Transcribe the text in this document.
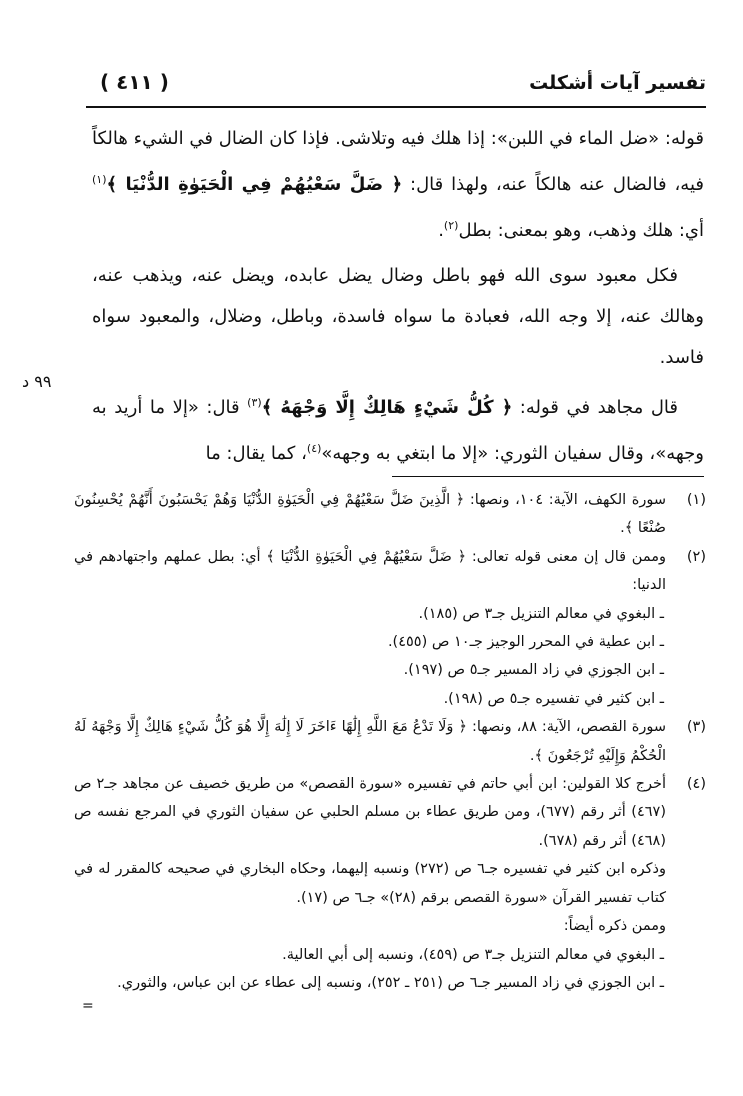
تفسير آيات أشكلت
( ٤١١ )

قوله: «ضل الماء في اللبن»: إذا هلك فيه وتلاشى. فإذا كان الضال في الشيء هالكاً فيه، فالضال عنه هالكاً عنه، ولهذا قال: ﴿ ضَلَّ سَعْيُهُمْ فِي الْحَيَوٰةِ الدُّنْيَا ﴾$^{(١)}$ أي: هلك وذهب، وهو بمعنى: بطل$^{(٢)}$.

فكل معبود سوى الله فهو باطل وضال يضل عابده، ويضل عنه، ويذهب عنه، وهالك عنه، إلا وجه الله، فعبادة ما سواه فاسدة، وباطل، وضلال، والمعبود سواه فاسد.

قال مجاهد في قوله: ﴿ كُلُّ شَيْءٍ هَالِكٌ إِلَّا وَجْهَهُ ﴾$^{(٣)}$ قال: «إلا ما أريد به وجهه»، وقال سفيان الثوري: «إلا ما ابتغي به وجهه»$^{(٤)}$، كما يقال: ما

٩٩ د
(١)

سورة الكهف، الآية: ١٠٤، ونصها: ﴿ الَّذِينَ ضَلَّ سَعْيُهُمْ فِي الْحَيَوٰةِ الدُّنْيَا وَهُمْ يَحْسَبُونَ أَنَّهُمْ يُحْسِنُونَ صُنْعًا ﴾.

(٢)

وممن قال إن معنى قوله تعالى: ﴿ ضَلَّ سَعْيُهُمْ فِي الْحَيَوٰةِ الدُّنْيَا ﴾ أي: بطل عملهم واجتهادهم في الدنيا:

ـ البغوي في معالم التنزيل جـ٣ ص (١٨٥).

ـ ابن عطية في المحرر الوجيز جـ١٠ ص (٤٥٥).

ـ ابن الجوزي في زاد المسير جـ٥ ص (١٩٧).

ـ ابن كثير في تفسيره جـ٥ ص (١٩٨).

(٣)

سورة القصص، الآية: ٨٨، ونصها: ﴿ وَلَا تَدْعُ مَعَ اللَّهِ إِلَٰهًا ءَاخَرَ لَا إِلَٰهَ إِلَّا هُوَ كُلُّ شَيْءٍ هَالِكٌ إِلَّا وَجْهَهُ لَهُ الْحُكْمُ وَإِلَيْهِ تُرْجَعُونَ ﴾.

(٤)

أخرج كلا القولين: ابن أبي حاتم في تفسيره «سورة القصص» من طريق خصيف عن مجاهد جـ٢ ص (٤٦٧) أثر رقم (٦٧٧)، ومن طريق عطاء بن مسلم الحلبي عن سفيان الثوري في المرجع نفسه ص (٤٦٨) أثر رقم (٦٧٨).

وذكره ابن كثير في تفسيره جـ٦ ص (٢٧٢) ونسبه إليهما، وحكاه البخاري في صحيحه كالمقرر له في كتاب تفسير القرآن «سورة القصص برقم (٢٨)» جـ٦ ص (١٧).

وممن ذكره أيضاً:

ـ البغوي في معالم التنزيل جـ٣ ص (٤٥٩)، ونسبه إلى أبي العالية.

ـ ابن الجوزي في زاد المسير جـ٦ ص (٢٥١ ـ ٢٥٢)، ونسبه إلى عطاء عن ابن عباس، والثوري.

=
